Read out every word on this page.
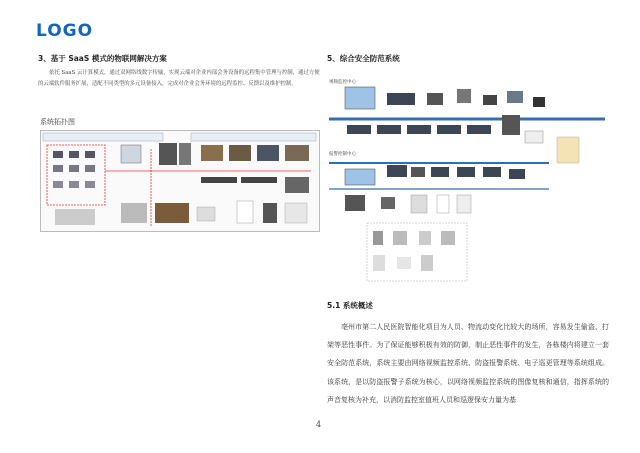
LOGO
3、基于 SaaS 模式的物联网解决方案
依托 SaaS 云计算模式，通过双网络线数字传输，实现云端对企业内部会务设备的远程集中管理与控制，通过方便的云端软件服务扩展，适配不同类型的多元设备接入，完成对企业会务环境的远程监控、反馈以及维护控制。
系统拓扑图
5、综合安全防范系统
视频监控中心
报警控制中心
5.1 系统概述
亳州市第二人民医院智能化项目为人员、物流动变化比较大的场所，容易发生偷盗、打架等恶性事件。为了保证能够积极有效的防御，制止恶性事件的发生，各栋楼内将建立一套安全防范系统，系统主要由网络视频监控系统、防盗报警系统、电子巡更管理等系统组成。该系统，是以防盗报警子系统为核心，以网络视频监控系统的图像复核和通信，指挥系统的声音复核为补充，以消防监控室值班人员和巡逻保安力量为基
4
